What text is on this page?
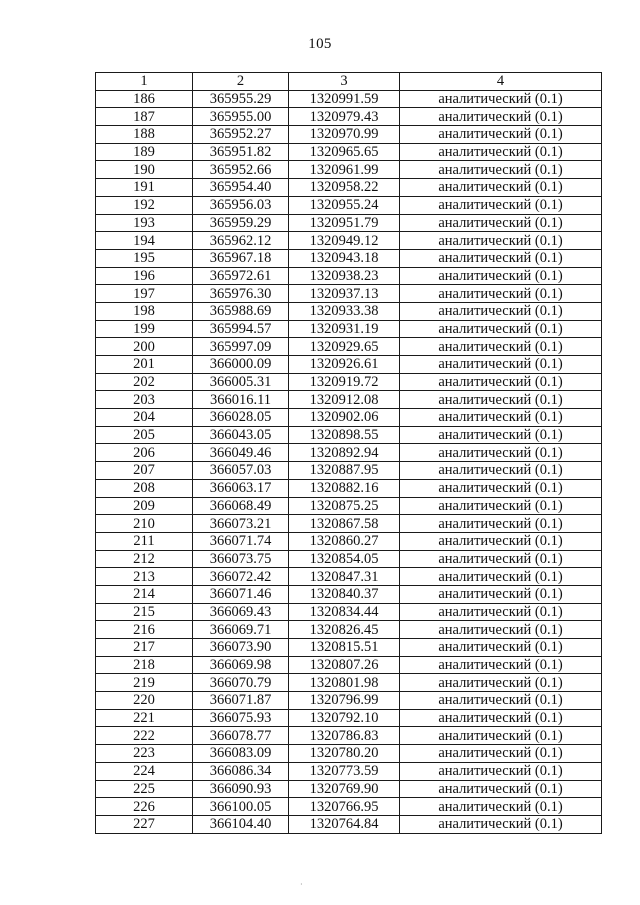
105
1	2	3	4
186	365955.29	1320991.59	аналитический (0.1)
187	365955.00	1320979.43	аналитический (0.1)
188	365952.27	1320970.99	аналитический (0.1)
189	365951.82	1320965.65	аналитический (0.1)
190	365952.66	1320961.99	аналитический (0.1)
191	365954.40	1320958.22	аналитический (0.1)
192	365956.03	1320955.24	аналитический (0.1)
193	365959.29	1320951.79	аналитический (0.1)
194	365962.12	1320949.12	аналитический (0.1)
195	365967.18	1320943.18	аналитический (0.1)
196	365972.61	1320938.23	аналитический (0.1)
197	365976.30	1320937.13	аналитический (0.1)
198	365988.69	1320933.38	аналитический (0.1)
199	365994.57	1320931.19	аналитический (0.1)
200	365997.09	1320929.65	аналитический (0.1)
201	366000.09	1320926.61	аналитический (0.1)
202	366005.31	1320919.72	аналитический (0.1)
203	366016.11	1320912.08	аналитический (0.1)
204	366028.05	1320902.06	аналитический (0.1)
205	366043.05	1320898.55	аналитический (0.1)
206	366049.46	1320892.94	аналитический (0.1)
207	366057.03	1320887.95	аналитический (0.1)
208	366063.17	1320882.16	аналитический (0.1)
209	366068.49	1320875.25	аналитический (0.1)
210	366073.21	1320867.58	аналитический (0.1)
211	366071.74	1320860.27	аналитический (0.1)
212	366073.75	1320854.05	аналитический (0.1)
213	366072.42	1320847.31	аналитический (0.1)
214	366071.46	1320840.37	аналитический (0.1)
215	366069.43	1320834.44	аналитический (0.1)
216	366069.71	1320826.45	аналитический (0.1)
217	366073.90	1320815.51	аналитический (0.1)
218	366069.98	1320807.26	аналитический (0.1)
219	366070.79	1320801.98	аналитический (0.1)
220	366071.87	1320796.99	аналитический (0.1)
221	366075.93	1320792.10	аналитический (0.1)
222	366078.77	1320786.83	аналитический (0.1)
223	366083.09	1320780.20	аналитический (0.1)
224	366086.34	1320773.59	аналитический (0.1)
225	366090.93	1320769.90	аналитический (0.1)
226	366100.05	1320766.95	аналитический (0.1)
227	366104.40	1320764.84	аналитический (0.1)
·
